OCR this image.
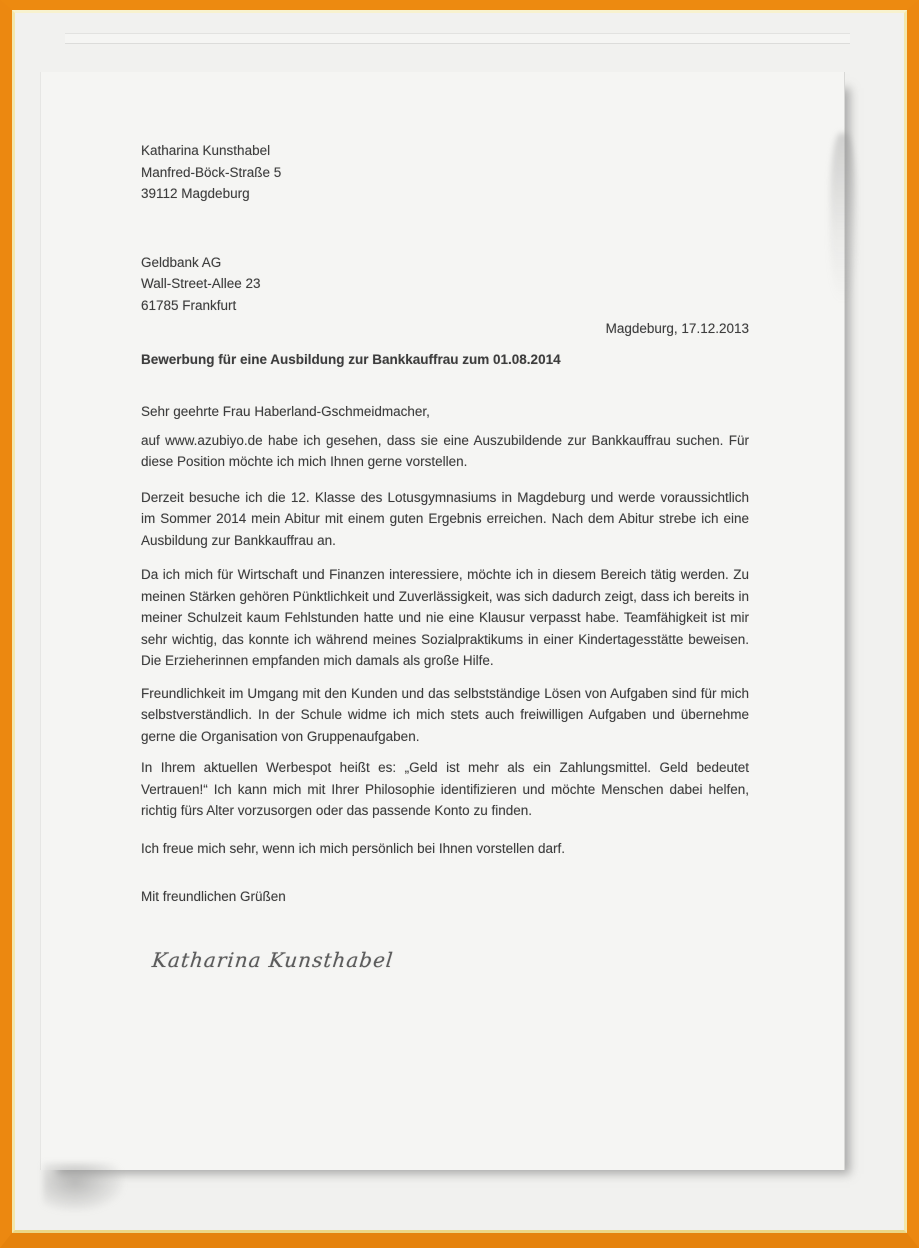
Katharina Kunsthabel
Manfred-Böck-Straße 5
39112 Magdeburg
Geldbank AG
Wall-Street-Allee 23
61785 Frankfurt
Magdeburg, 17.12.2013
Bewerbung für eine Ausbildung zur Bankkauffrau zum 01.08.2014
Sehr geehrte Frau Haberland-Gschmeidmacher,

auf www.azubiyo.de habe ich gesehen, dass sie eine Auszubildende zur Bankkauffrau suchen. Für diese Position möchte ich mich Ihnen gerne vorstellen.

Derzeit besuche ich die 12. Klasse des Lotusgymnasiums in Magdeburg und werde voraussichtlich im Sommer 2014 mein Abitur mit einem guten Ergebnis erreichen. Nach dem Abitur strebe ich eine Ausbildung zur Bankkauffrau an.

Da ich mich für Wirtschaft und Finanzen interessiere, möchte ich in diesem Bereich tätig werden. Zu meinen Stärken gehören Pünktlichkeit und Zuverlässigkeit, was sich dadurch zeigt, dass ich bereits in meiner Schulzeit kaum Fehlstunden hatte und nie eine Klausur verpasst habe. Teamfähigkeit ist mir sehr wichtig, das konnte ich während meines Sozialpraktikums in einer Kindertagesstätte beweisen. Die Erzieherinnen empfanden mich damals als große Hilfe.

Freundlichkeit im Umgang mit den Kunden und das selbstständige Lösen von Aufgaben sind für mich selbstverständlich. In der Schule widme ich mich stets auch freiwilligen Aufgaben und übernehme gerne die Organisation von Gruppenaufgaben.

In Ihrem aktuellen Werbespot heißt es: „Geld ist mehr als ein Zahlungsmittel. Geld bedeutet Vertrauen!“ Ich kann mich mit Ihrer Philosophie identifizieren und möchte Menschen dabei helfen, richtig fürs Alter vorzusorgen oder das passende Konto zu finden.

Ich freue mich sehr, wenn ich mich persönlich bei Ihnen vorstellen darf.

Mit freundlichen Grüßen
Katharina Kunsthabel
